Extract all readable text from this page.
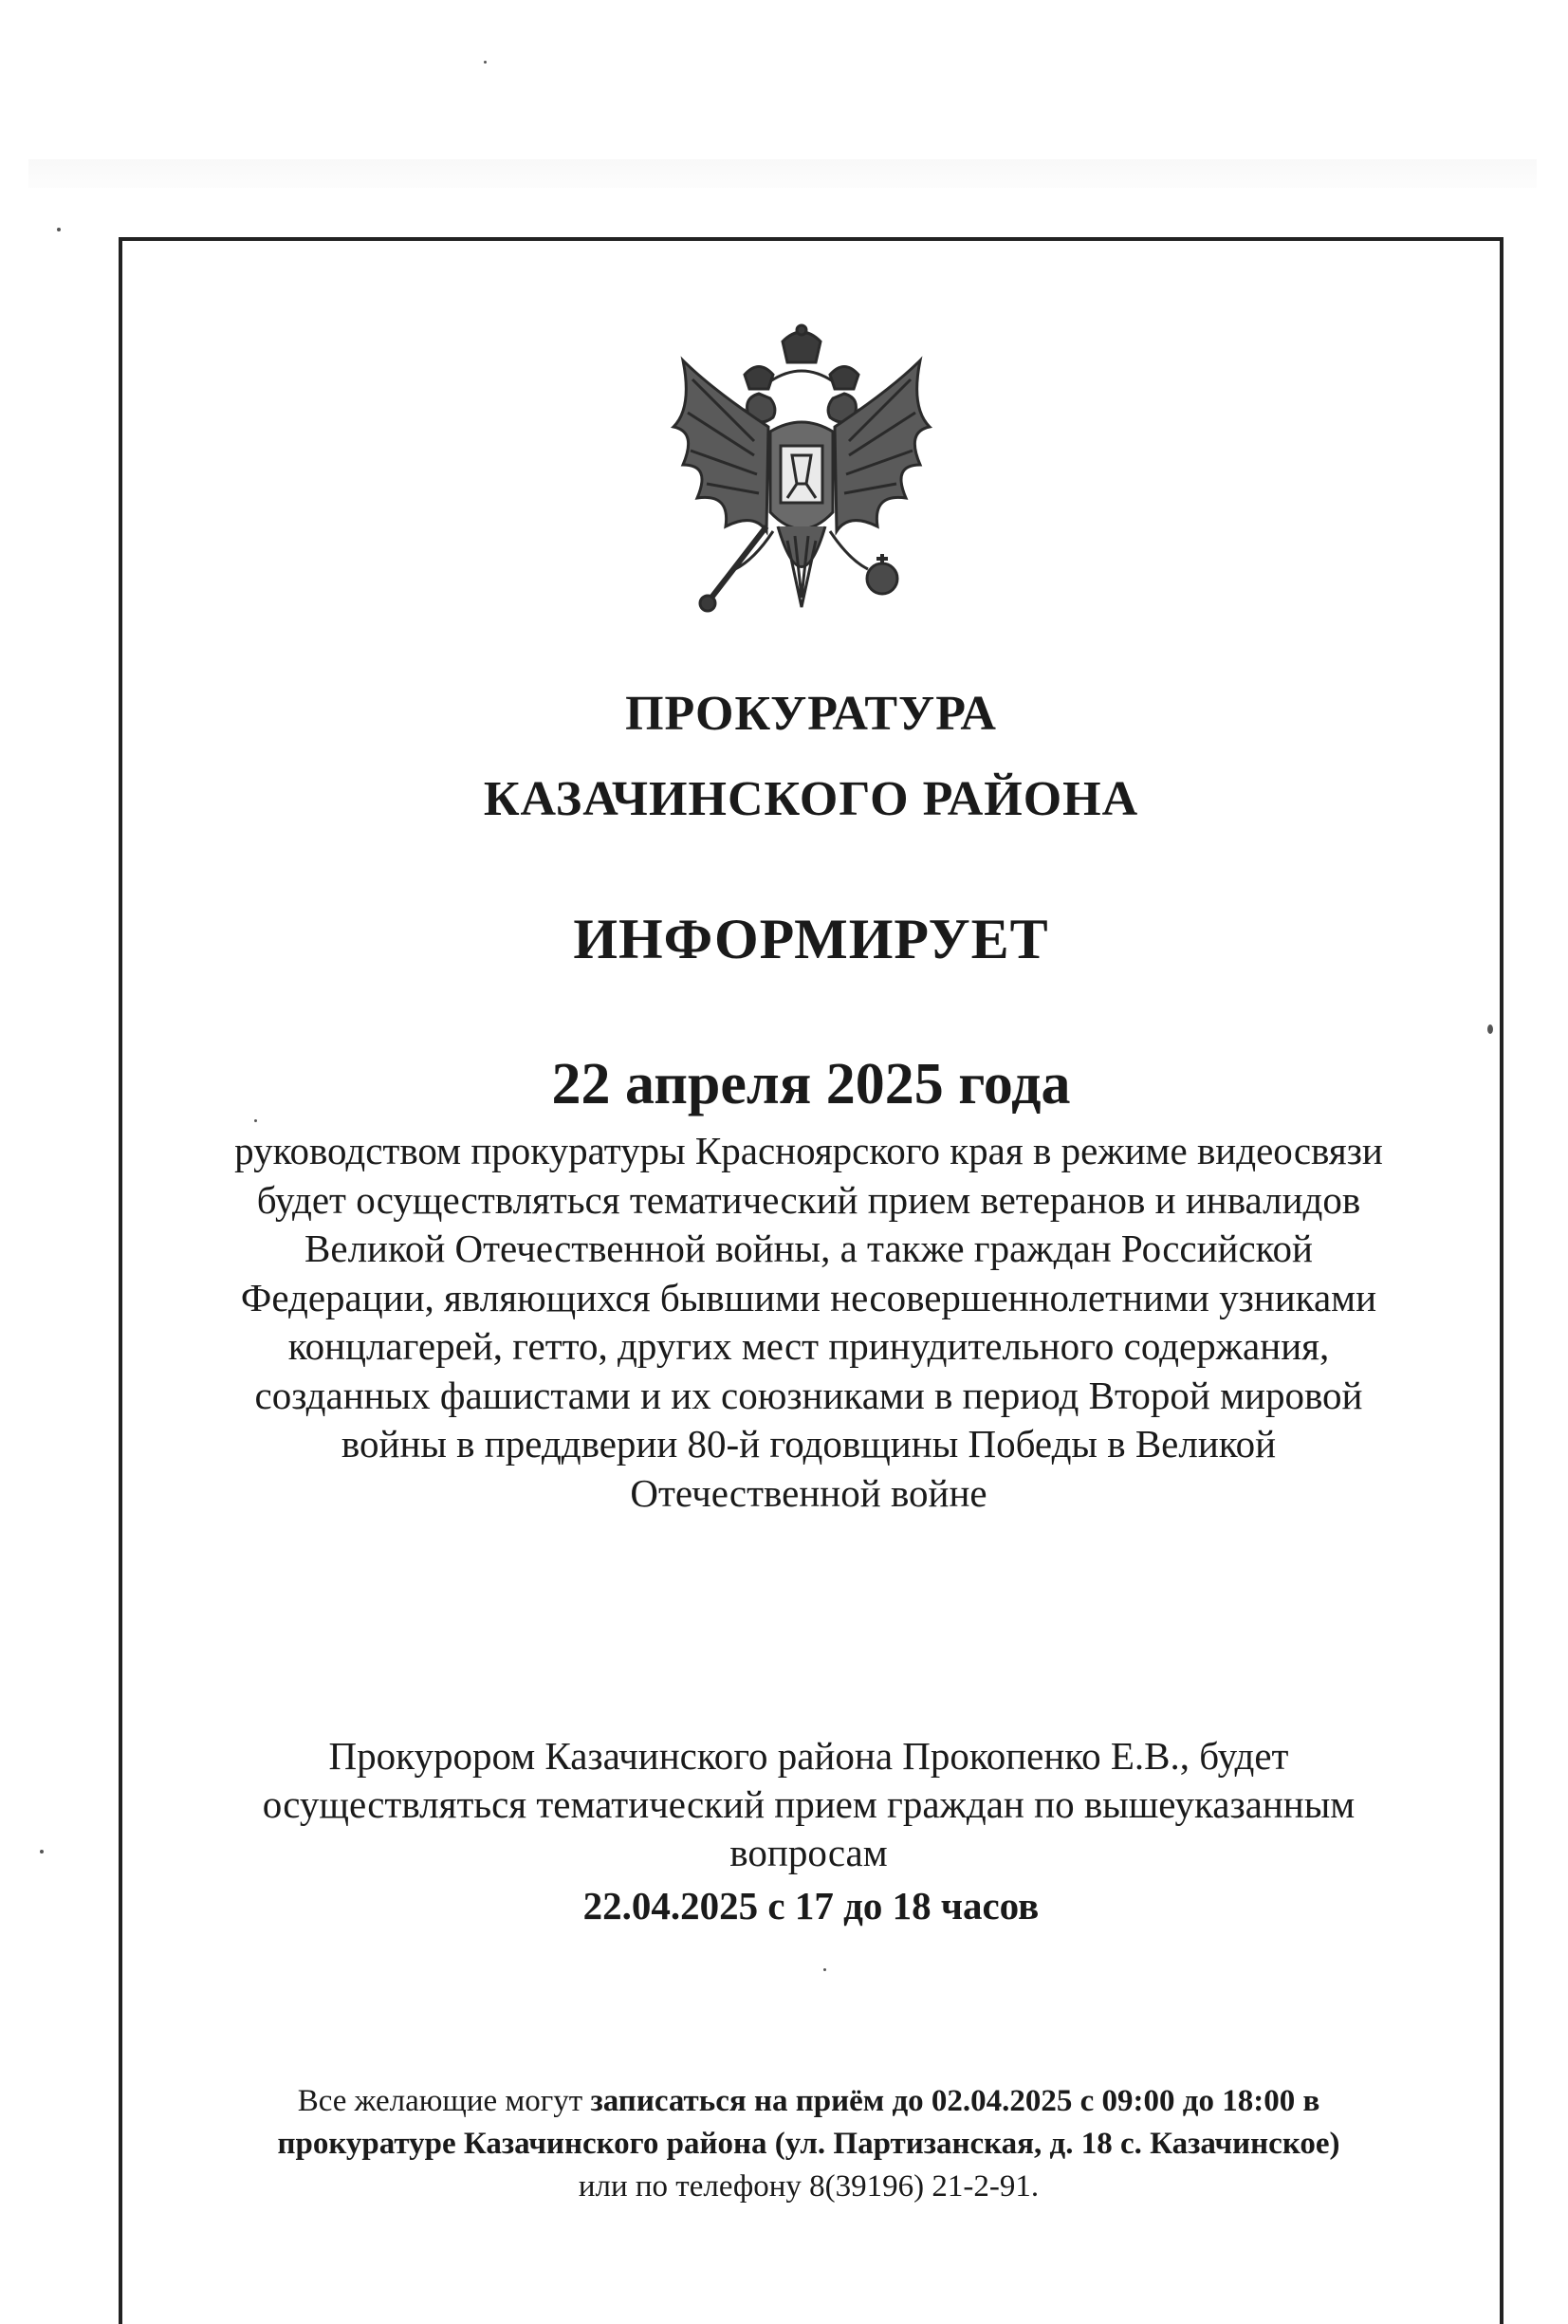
ПРОКУРАТУРА

КАЗАЧИНСКОГО РАЙОНА

ИНФОРМИРУЕТ

22 апреля 2025 года

руководством прокуратуры Красноярского края в режиме видеосвязи
будет осуществляться тематический прием ветеранов и инвалидов
Великой Отечественной войны, а также граждан Российской
Федерации, являющихся бывшими несовершеннолетними узниками
концлагерей, гетто, других мест принудительного содержания,
созданных фашистами и их союзниками в период Второй мировой
войны в преддверии 80-й годовщины Победы в Великой
Отечественной войне

Прокурором Казачинского района Прокопенко Е.В., будет
осуществляться тематический прием граждан по вышеуказанным
вопросам

22.04.2025 с 17 до 18 часов

Все желающие могут записаться на приём до 02.04.2025 с 09:00 до 18:00 в
прокуратуре Казачинского района (ул. Партизанская, д. 18 с. Казачинское)
или по телефону 8(39196) 21-2-91.
